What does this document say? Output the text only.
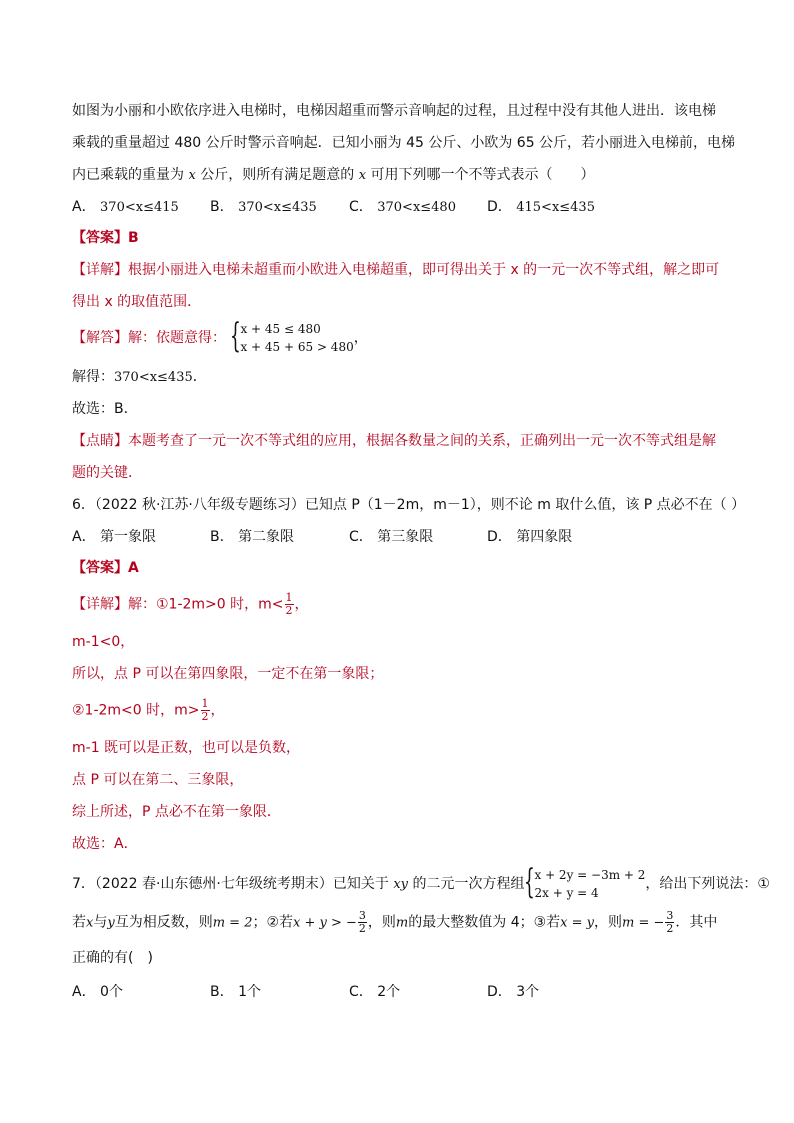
如图为小丽和小欧依序进入电梯时，电梯因超重而警示音响起的过程，且过程中没有其他人进出．该电梯
乘载的重量超过 480 公斤时警示音响起．已知小丽为 45 公斤、小欧为 65 公斤，若小丽进入电梯前，电梯
内已乘载的重量为 x 公斤，则所有满足题意的 x 可用下列哪一个不等式表示（　　）
A． 370<x≤415 B． 370<x≤435 C． 370<x≤480 D． 415<x≤435
【答案】B
【详解】根据小丽进入电梯未超重而小欧进入电梯超重，即可得出关于 x 的一元一次不等式组，解之即可
得出 x 的取值范围．
【解答】解：依题意得： { x + 45 ≤ 480
x + 45 + 65 > 480
，
解得：370<x≤435．
故选：B．
【点睛】本题考查了一元一次不等式组的应用，根据各数量之间的关系，正确列出一元一次不等式组是解
题的关键．
6．（2022 秋·江苏·八年级专题练习）已知点 P（1－2m，m－1），则不论 m 取什么值，该 P 点必不在（ ）
A． 第一象限	B． 第二象限	C． 第三象限	D． 第四象限
【答案】A
【详解】解：①1-2m>0 时，$m< \frac{1}{2}$ ，
m-1<0，
所以，点 P 可以在第四象限，一定不在第一象限；
②1-2m<0 时，$m> \frac{1}{2}$ ，
m-1 既可以是正数，也可以是负数，
点 P 可以在第二、三象限，
综上所述，P 点必不在第一象限．
故选：A．
7．（2022 春·山东德州·七年级统考期末）已知关于 xy 的二元一次方程组 { x + 2y = −3m + 2
2x + y = 4
，给出下列说法：①
若x与y互为相反数，则m = 2；②若x + y > − $\frac{3}{2}$ ，则m的最大整数值为 4；③若x = y，则m = − $\frac{3}{2}$ ．其中
正确的有(　)
A． 0个	B． 1个	C． 2个	D． 3个
